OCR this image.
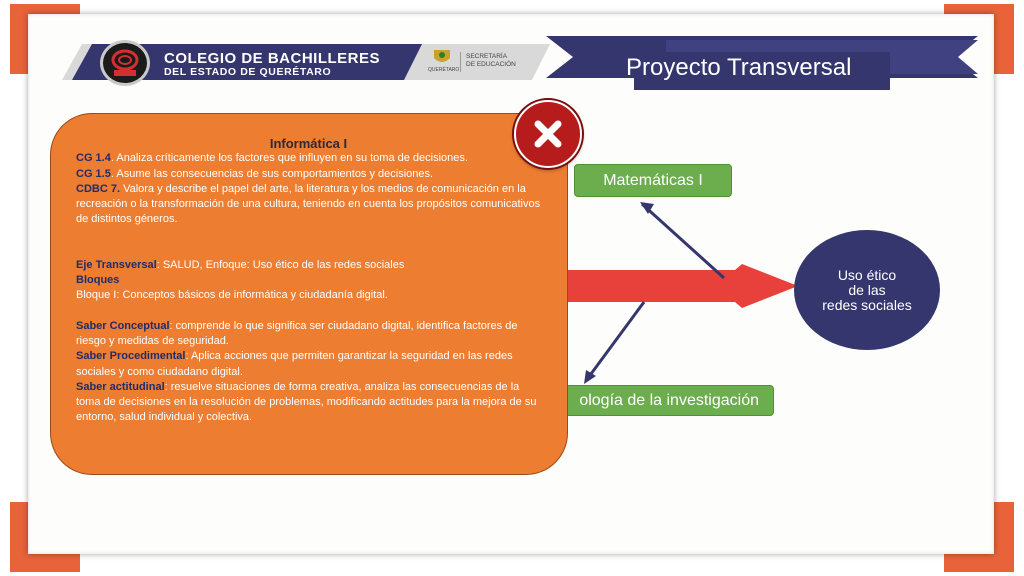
COLEGIO DE BACHILLERES
DEL ESTADO DE QUERÉTARO	QUERÉTARO
SECRETARÍA
DE EDUCACIÓN	Proyecto Transversal
Matemáticas I
ología de la investigación
Uso ético
de las
redes sociales
Informática I
CG 1.4. Analiza críticamente los factores que influyen en su toma de decisiones.
CG 1.5. Asume las consecuencias de sus comportamientos y decisiones.
CDBC 7. Valora y describe el papel del arte, la literatura y los medios de comunicación en la recreación o la transformación de una cultura, teniendo en cuenta los propósitos comunicativos de distintos géneros.
Eje Transversal: SALUD, Enfoque: Uso ético de las redes sociales
Bloques
Bloque I: Conceptos básicos de informática y ciudadanía digital.
Saber Conceptual: comprende lo que significa ser ciudadano digital, identifica factores de riesgo y medidas de seguridad.
Saber Procedimental: Aplica acciones que permiten garantizar la seguridad en las redes sociales y como ciudadano digital.
Saber actitudinal: resuelve situaciones de forma creativa, analiza las consecuencias de la toma de decisiones en la resolución de problemas, modificando actitudes para la mejora de su entorno, salud individual y colectiva.
